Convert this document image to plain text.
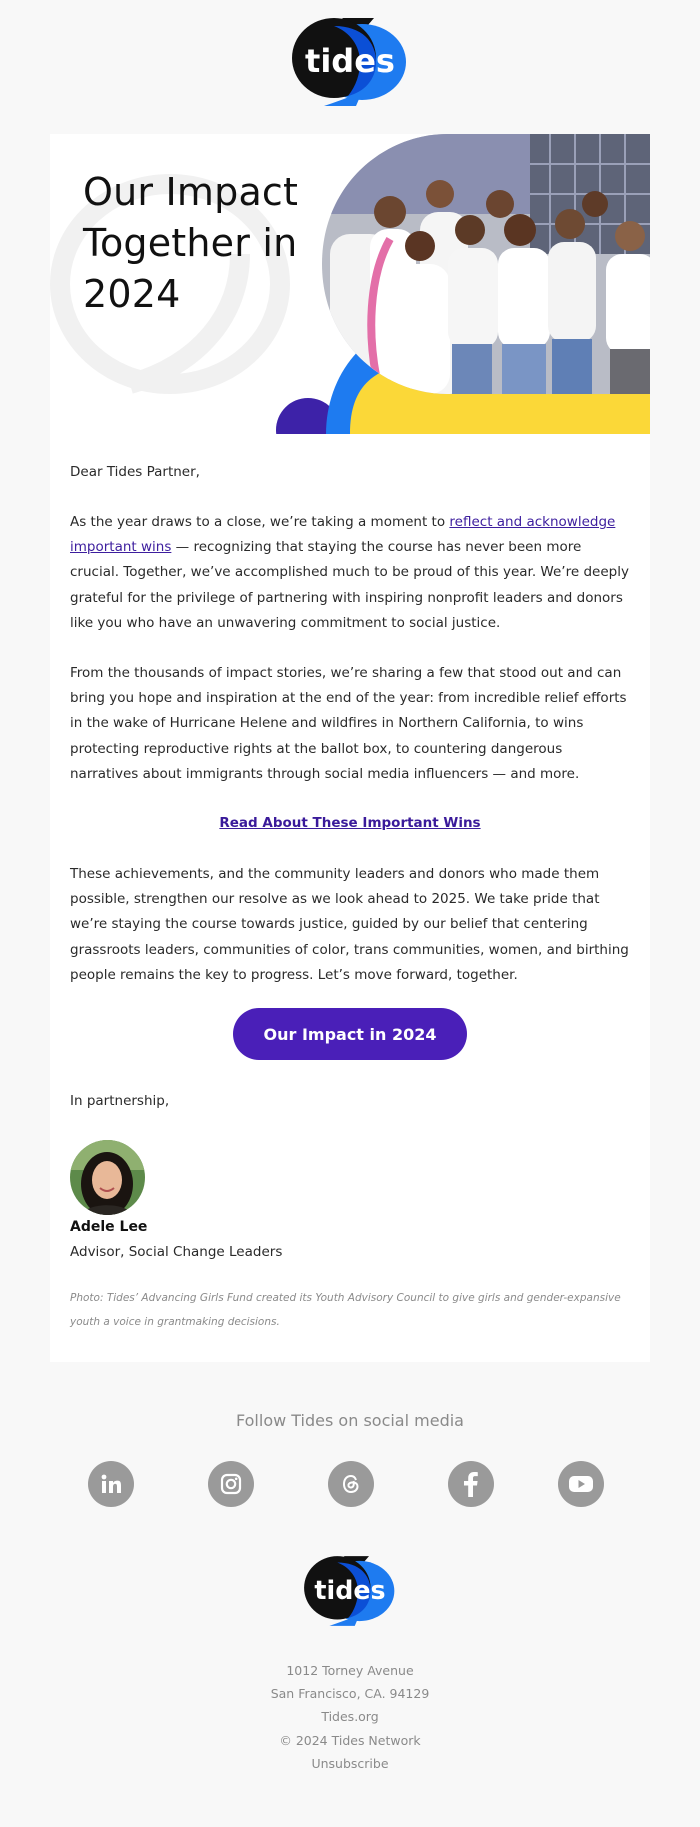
tides
Our Impact Together in 2024

Dear Tides Partner,

As the year draws to a close, we’re taking a moment to reflect and acknowledge important wins — recognizing that staying the course has never been more crucial. Together, we’ve accomplished much to be proud of this year. We’re deeply grateful for the privilege of partnering with inspiring nonprofit leaders and donors like you who have an unwavering commitment to social justice.

From the thousands of impact stories, we’re sharing a few that stood out and can bring you hope and inspiration at the end of the year: from incredible relief efforts in the wake of Hurricane Helene and wildfires in Northern California, to wins protecting reproductive rights at the ballot box, to countering dangerous narratives about immigrants through social media influencers — and more.

Read About These Important Wins

These achievements, and the community leaders and donors who made them possible, strengthen our resolve as we look ahead to 2025. We take pride that we’re staying the course towards justice, guided by our belief that centering grassroots leaders, communities of color, trans communities, women, and birthing people remains the key to progress. Let’s move forward, together.

Our Impact in 2024

In partnership,

Adele Lee
Advisor, Social Change Leaders

Photo: Tides’ Advancing Girls Fund created its Youth Advisory Council to give girls and gender-expansive youth a voice in grantmaking decisions.

Follow Tides on social media
tides
1012 Torney Avenue
San Francisco, CA. 94129
Tides.org
© 2024 Tides Network
Unsubscribe
